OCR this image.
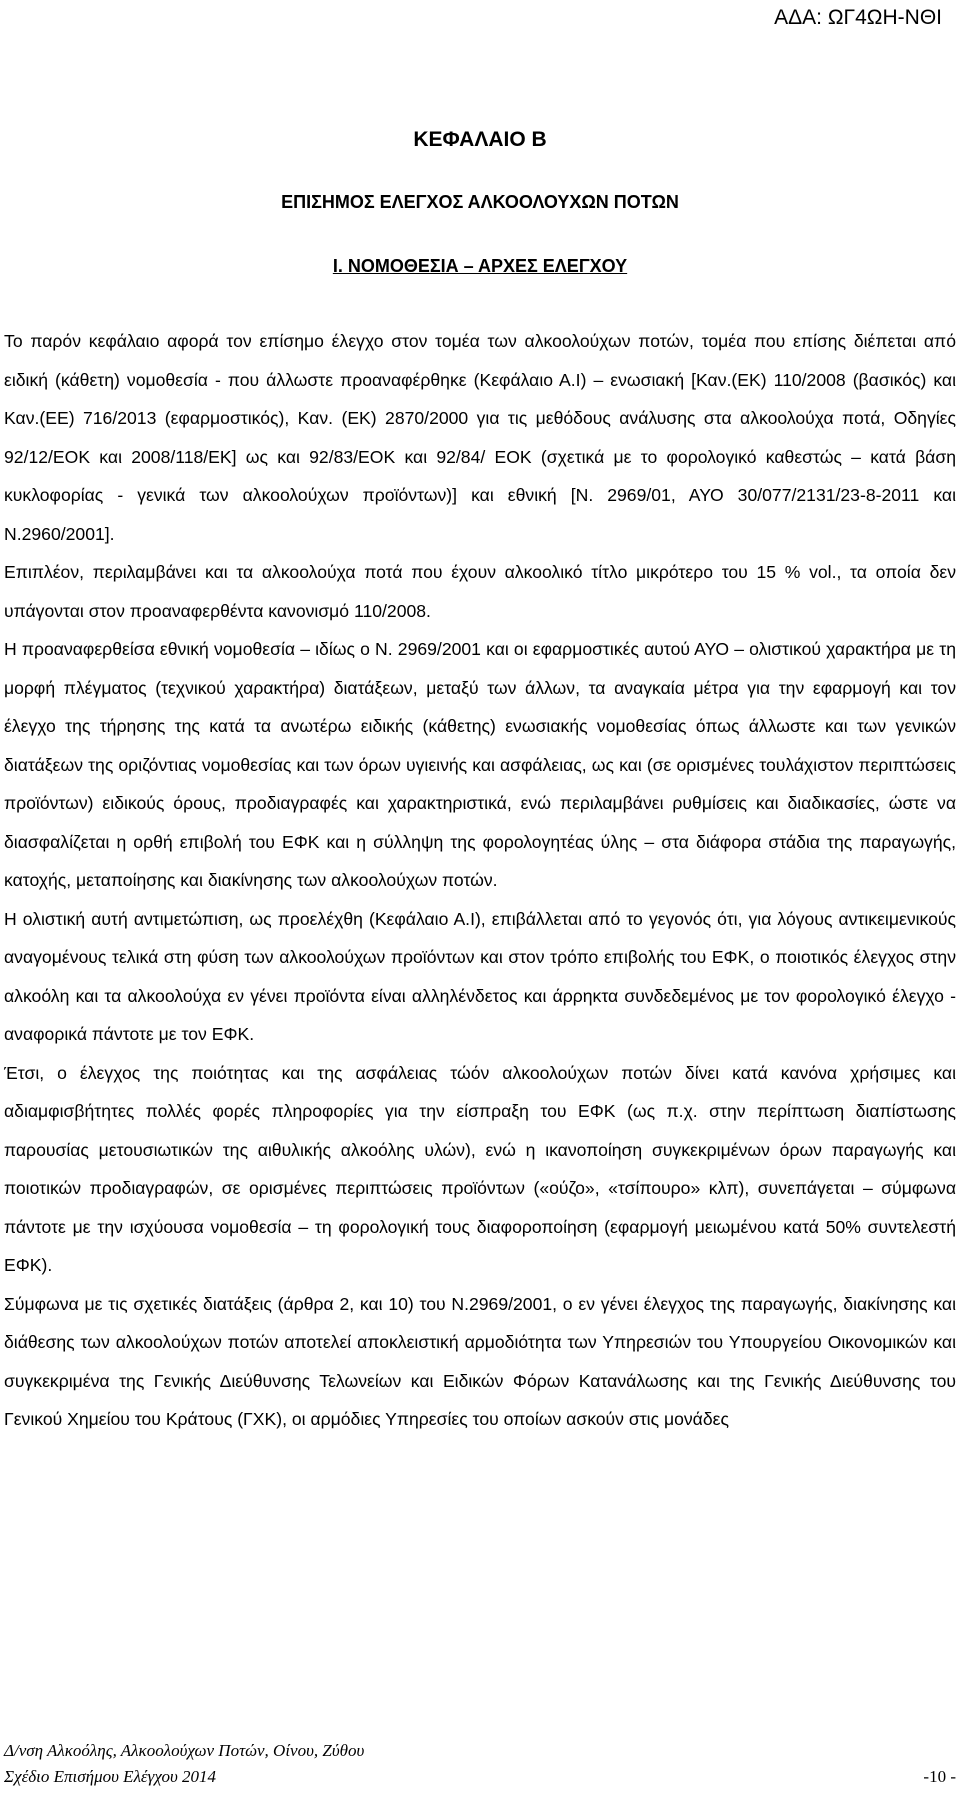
ΑΔΑ: ΩΓ4ΩΗ-ΝΘΙ
ΚΕΦΑΛΑΙΟ Β
ΕΠΙΣΗΜΟΣ ΕΛΕΓΧΟΣ ΑΛΚΟΟΛΟΥΧΩΝ ΠΟΤΩΝ
Ι. ΝΟΜΟΘΕΣΙΑ – ΑΡΧΕΣ ΕΛΕΓΧΟΥ

Το παρόν κεφάλαιο αφορά τον επίσημο έλεγχο στον τομέα των αλκοολούχων ποτών, τομέα που επίσης διέπεται από ειδική (κάθετη) νομοθεσία - που άλλωστε προαναφέρθηκε (Κεφάλαιο Α.Ι) – ενωσιακή [Καν.(ΕΚ) 110/2008 (βασικός) και Καν.(ΕΕ) 716/2013 (εφαρμοστικός), Καν. (ΕΚ) 2870/2000 για τις μεθόδους ανάλυσης στα αλκοολούχα ποτά, Οδηγίες 92/12/ΕΟΚ και 2008/118/ΕΚ] ως και 92/83/ΕΟΚ και 92/84/ ΕΟΚ (σχετικά με το φορολογικό καθεστώς – κατά βάση κυκλοφορίας - γενικά των αλκοολούχων προϊόντων)] και εθνική [Ν. 2969/01, ΑΥΟ 30/077/2131/23-8-2011 και Ν.2960/2001].

Επιπλέον, περιλαμβάνει και τα αλκοολούχα ποτά που έχουν αλκοολικό τίτλο μικρότερο του 15 % vol., τα οποία δεν υπάγονται στον προαναφερθέντα κανονισμό 110/2008.

Η προαναφερθείσα εθνική νομοθεσία – ιδίως ο Ν. 2969/2001 και οι εφαρμοστικές αυτού ΑΥΟ – ολιστικού χαρακτήρα με τη μορφή πλέγματος (τεχνικού χαρακτήρα) διατάξεων, μεταξύ των άλλων, τα αναγκαία μέτρα για την εφαρμογή και τον έλεγχο της τήρησης της κατά τα ανωτέρω ειδικής (κάθετης) ενωσιακής νομοθεσίας όπως άλλωστε και των γενικών διατάξεων της οριζόντιας νομοθεσίας και των όρων υγιεινής και ασφάλειας, ως και (σε ορισμένες τουλάχιστον περιπτώσεις προϊόντων) ειδικούς όρους, προδιαγραφές και χαρακτηριστικά, ενώ περιλαμβάνει ρυθμίσεις και διαδικασίες, ώστε να διασφαλίζεται η ορθή επιβολή του ΕΦΚ και η σύλληψη της φορολογητέας ύλης – στα διάφορα στάδια της παραγωγής, κατοχής, μεταποίησης και διακίνησης των αλκοολούχων ποτών.

Η ολιστική αυτή αντιμετώπιση, ως προελέχθη (Κεφάλαιο Α.Ι), επιβάλλεται από το γεγονός ότι, για λόγους αντικειμενικούς αναγομένους τελικά στη φύση των αλκοολούχων προϊόντων και στον τρόπο επιβολής του ΕΦΚ, ο ποιοτικός έλεγχος στην αλκοόλη και τα αλκοολούχα εν γένει προϊόντα είναι αλληλένδετος και άρρηκτα συνδεδεμένος με τον φορολογικό έλεγχο - αναφορικά πάντοτε με τον ΕΦΚ.

Έτσι, ο έλεγχος της ποιότητας και της ασφάλειας τώόν αλκοολούχων ποτών δίνει κατά κανόνα χρήσιμες και αδιαμφισβήτητες πολλές φορές πληροφορίες για την είσπραξη του ΕΦΚ (ως π.χ. στην περίπτωση διαπίστωσης παρουσίας μετουσιωτικών της αιθυλικής αλκοόλης υλών), ενώ η ικανοποίηση συγκεκριμένων όρων παραγωγής και ποιοτικών προδιαγραφών, σε ορισμένες περιπτώσεις προϊόντων («ούζο», «τσίπουρο» κλπ), συνεπάγεται – σύμφωνα πάντοτε με την ισχύουσα νομοθεσία – τη φορολογική τους διαφοροποίηση (εφαρμογή μειωμένου κατά 50% συντελεστή ΕΦΚ).

Σύμφωνα με τις σχετικές διατάξεις (άρθρα 2, και 10) του Ν.2969/2001, ο εν γένει έλεγχος της παραγωγής, διακίνησης και διάθεσης των αλκοολούχων ποτών αποτελεί αποκλειστική αρμοδιότητα των Υπηρεσιών του Υπουργείου Οικονομικών και συγκεκριμένα της Γενικής Διεύθυνσης Τελωνείων και Ειδικών Φόρων Κατανάλωσης και της Γενικής Διεύθυνσης του Γενικού Χημείου του Κράτους (ΓΧΚ), οι αρμόδιες Υπηρεσίες του οποίων ασκούν στις μονάδες

Δ/νση Αλκοόλης, Αλκοολούχων Ποτών, Οίνου, Ζύθου
Σχέδιο Επισήμου Ελέγχου 2014	-10 -
